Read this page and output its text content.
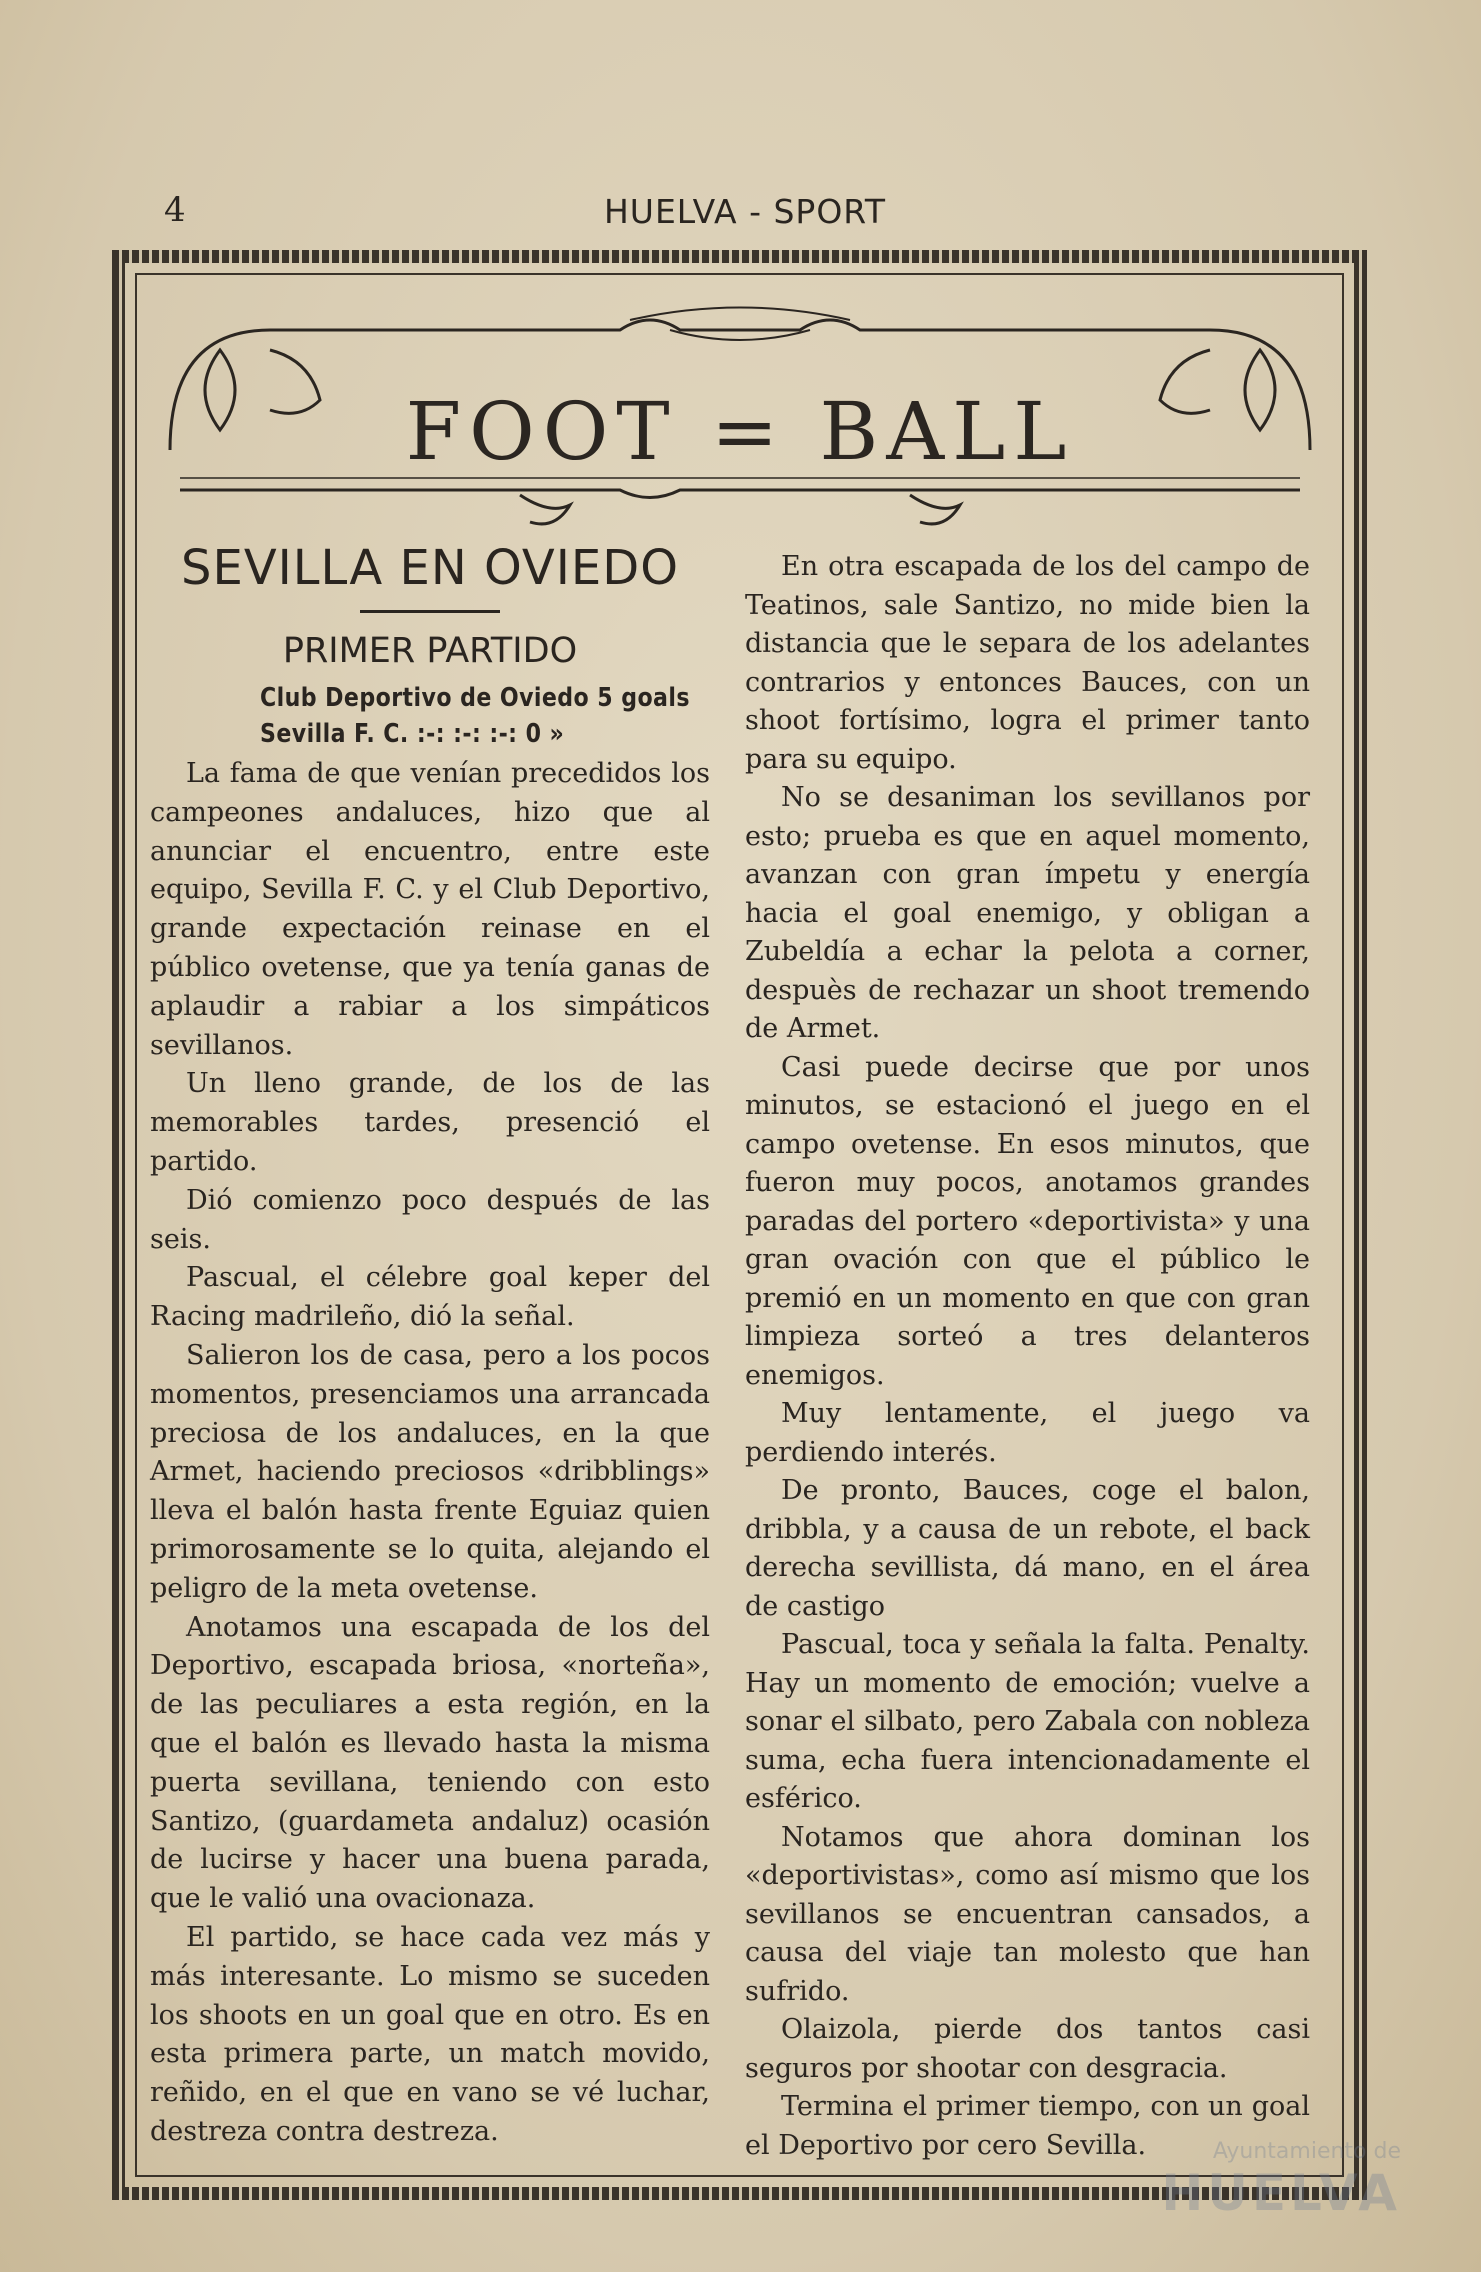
4	HUELVA - SPORT
FOOT = BALL
SEVILLA EN OVIEDO
PRIMER PARTIDO
Club Deportivo de Oviedo 5 goals
Sevilla F. C. :-: :-: :-: 0 »

La fama de que venían precedidos los campeones andaluces, hizo que al anunciar el encuentro, entre este equipo, Sevilla F. C. y el Club Deportivo, grande expectación reinase en el público ovetense, que ya tenía ganas de aplaudir a rabiar a los simpáticos sevillanos.

Un lleno grande, de los de las memorables tardes, presenció el partido.

Dió comienzo poco después de las seis.

Pascual, el célebre goal keper del Racing madrileño, dió la señal.

Salieron los de casa, pero a los pocos momentos, presenciamos una arrancada preciosa de los andaluces, en la que Armet, haciendo preciosos «dribblings» lleva el balón hasta frente Eguiaz quien primorosamente se lo quita, alejando el peligro de la meta ovetense.

Anotamos una escapada de los del Deportivo, escapada briosa, «norteña», de las peculiares a esta región, en la que el balón es llevado hasta la misma puerta sevillana, teniendo con esto Santizo, (guardameta andaluz) ocasión de lucirse y hacer una buena parada, que le valió una ovacionaza.

El partido, se hace cada vez más y más interesante. Lo mismo se suceden los shoots en un goal que en otro. Es en esta primera parte, un match movido, reñido, en el que en vano se vé luchar, destreza contra destreza.

En otra escapada de los del campo de Teatinos, sale Santizo, no mide bien la distancia que le separa de los adelantes contrarios y entonces Bauces, con un shoot fortísimo, logra el primer tanto para su equipo.

No se desaniman los sevillanos por esto; prueba es que en aquel momento, avanzan con gran ímpetu y energía hacia el goal enemigo, y obligan a Zubeldía a echar la pelota a corner, despuès de rechazar un shoot tremendo de Armet.

Casi puede decirse que por unos minutos, se estacionó el juego en el campo ovetense. En esos minutos, que fueron muy pocos, anotamos grandes paradas del portero «deportivista» y una gran ovación con que el público le premió en un momento en que con gran limpieza sorteó a tres delanteros enemigos.

Muy lentamente, el juego va perdiendo interés.

De pronto, Bauces, coge el balon, dribbla, y a causa de un rebote, el back derecha sevillista, dá mano, en el área de castigo

Pascual, toca y señala la falta. Penalty. Hay un momento de emoción; vuelve a sonar el silbato, pero Zabala con nobleza suma, echa fuera intencionadamente el esférico.

Notamos que ahora dominan los «deportivistas», como así mismo que los sevillanos se encuentran cansados, a causa del viaje tan molesto que han sufrido.

Olaizola, pierde dos tantos casi seguros por shootar con desgracia.

Termina el primer tiempo, con un goal el Deportivo por cero Sevilla.	Ayuntamiento de
HUELVA
